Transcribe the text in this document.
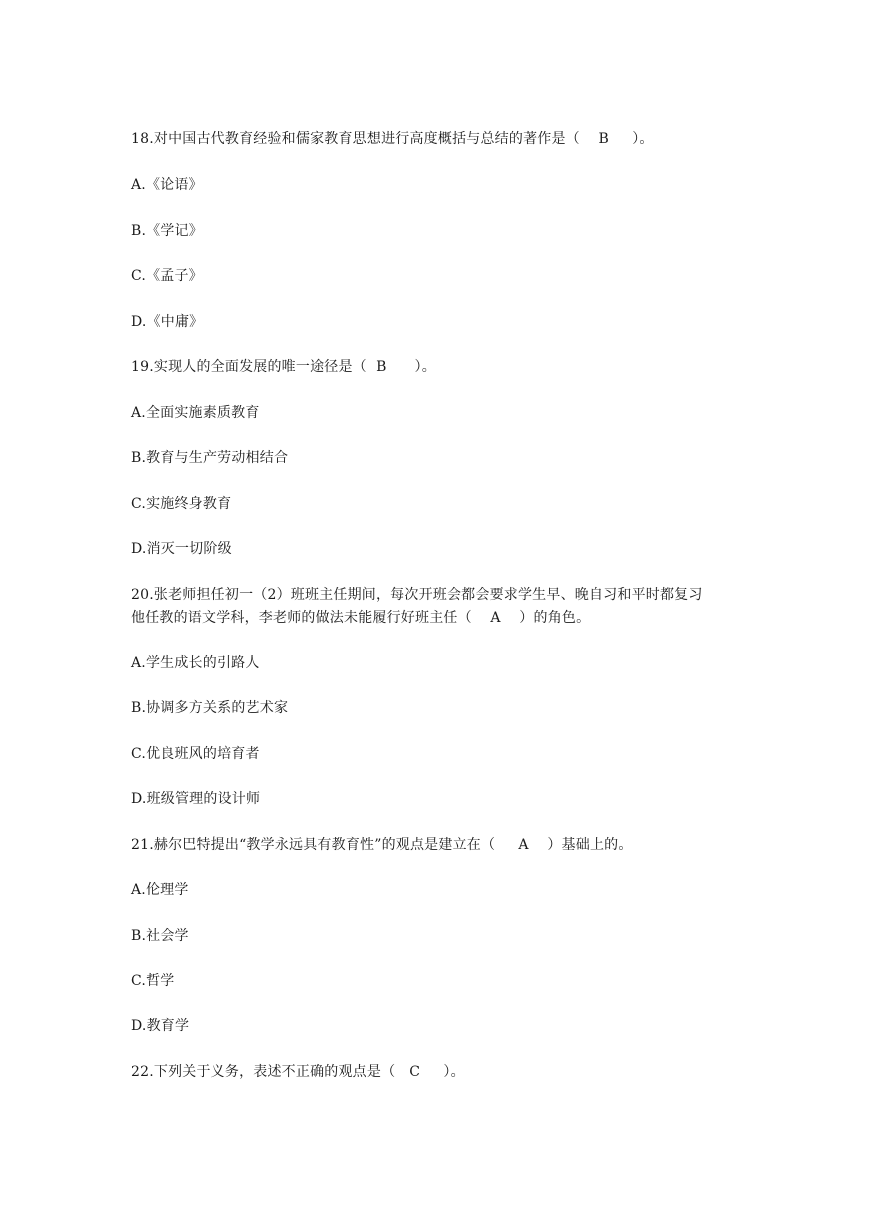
18.对中国古代教育经验和儒家教育思想进行高度概括与总结的著作是（    B     ）。
A.《论语》
B.《学记》
C.《孟子》
D.《中庸》
19.实现人的全面发展的唯一途径是（  B      ）。
A.全面实施素质教育
B.教育与生产劳动相结合
C.实施终身教育
D.消灭一切阶级
20.张老师担任初一（2）班班主任期间，每次开班会都会要求学生早、晚自习和平时都复习
他任教的语文学科，李老师的做法未能履行好班主任（    A    ）的角色。
A.学生成长的引路人
B.协调多方关系的艺术家
C.优良班风的培育者
D.班级管理的设计师
21.赫尔巴特提出“教学永远具有教育性”的观点是建立在（     A    ）基础上的。
A.伦理学
B.社会学
C.哲学
D.教育学
22.下列关于义务，表述不正确的观点是（   C     ）。
